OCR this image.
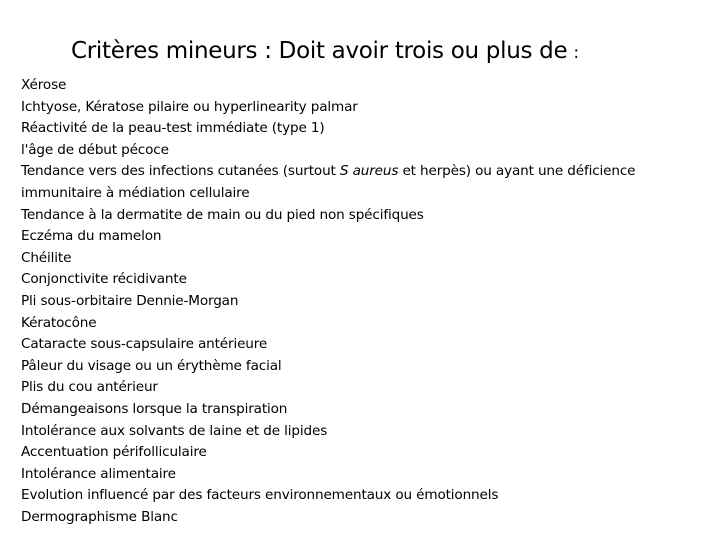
Critères mineurs : Doit avoir trois ou plus de :
Xérose
Ichtyose, Kératose pilaire ou hyperlinearity palmar
Réactivité de la peau-test immédiate (type 1)
l'âge de début pécoce
Tendance vers des infections cutanées (surtout S aureus et herpès) ou ayant une déficience immunitaire à médiation cellulaire
Tendance à la dermatite de main ou du pied non spécifiques
Eczéma du mamelon
Chéilite
Conjonctivite récidivante
Pli sous-orbitaire Dennie-Morgan
Kératocône
Cataracte sous-capsulaire antérieure
Pâleur du visage ou un érythème facial
Plis du cou antérieur
Démangeaisons lorsque la transpiration
Intolérance aux solvants de laine et de lipides
Accentuation périfolliculaire
Intolérance alimentaire
Evolution influencé par des facteurs environnementaux ou émotionnels
Dermographisme Blanc
